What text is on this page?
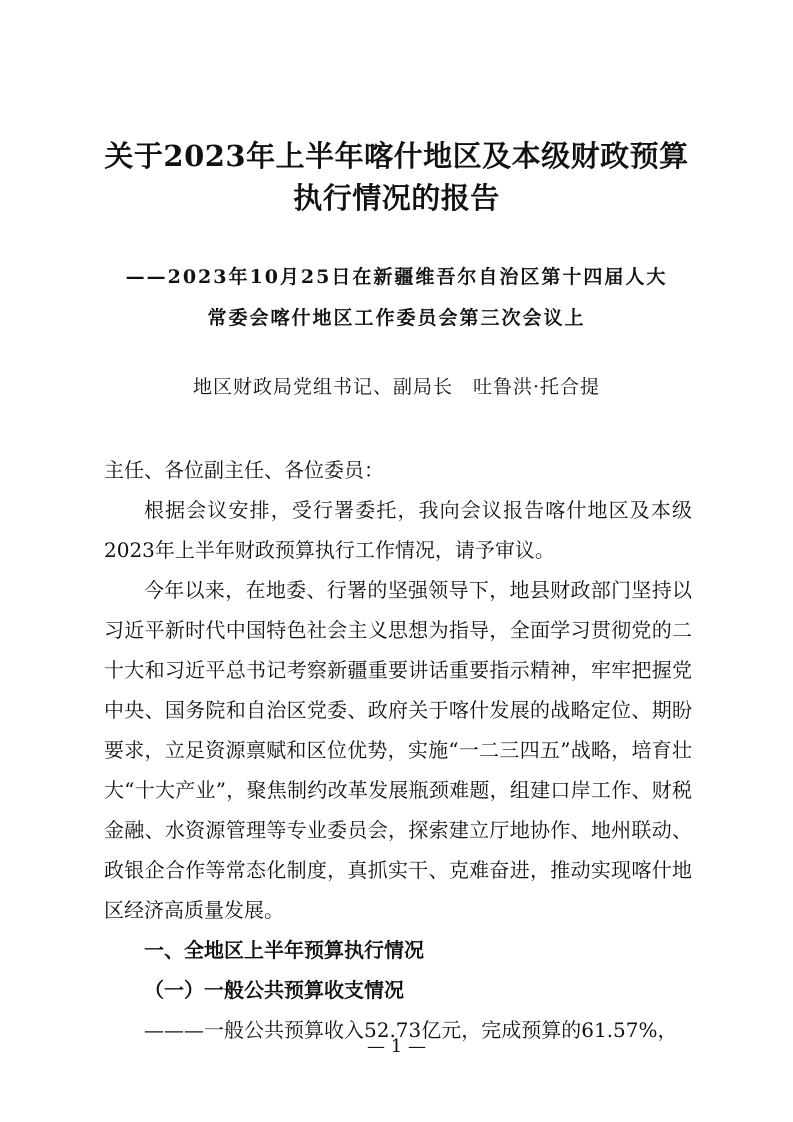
关于2023年上半年喀什地区及本级财政预算
执行情况的报告
——2023年10月25日在新疆维吾尔自治区第十四届人大
常委会喀什地区工作委员会第三次会议上
地区财政局党组书记、副局长　吐鲁洪·托合提

主任、各位副主任、各位委员：

根据会议安排，受行署委托，我向会议报告喀什地区及本级2023年上半年财政预算执行工作情况，请予审议。

今年以来，在地委、行署的坚强领导下，地县财政部门坚持以习近平新时代中国特色社会主义思想为指导，全面学习贯彻党的二十大和习近平总书记考察新疆重要讲话重要指示精神，牢牢把握党中央、国务院和自治区党委、政府关于喀什发展的战略定位、期盼要求，立足资源禀赋和区位优势，实施“一二三四五”战略，培育壮大“十大产业”，聚焦制约改革发展瓶颈难题，组建口岸工作、财税金融、水资源管理等专业委员会，探索建立厅地协作、地州联动、政银企合作等常态化制度，真抓实干、克难奋进，推动实现喀什地区经济高质量发展。

一、全地区上半年预算执行情况

（一）一般公共预算收支情况

———一般公共预算收入52.73亿元，完成预算的61.57%，

— 1 —
